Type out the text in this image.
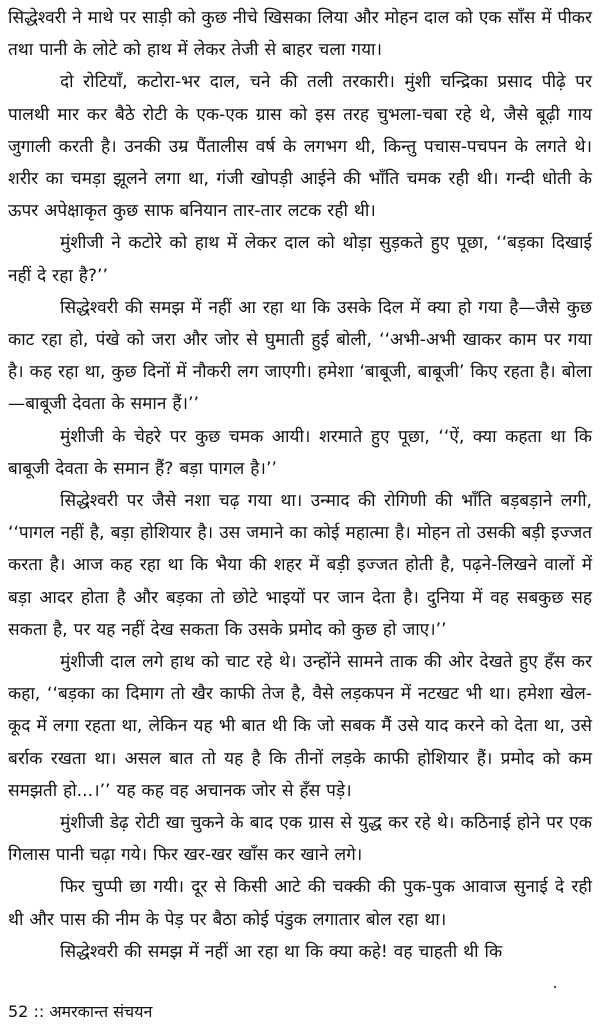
सिद्धेश्वरी ने माथे पर साड़ी को कुछ नीचे खिसका लिया और मोहन दाल को एक साँस में पीकर तथा पानी के लोटे को हाथ में लेकर तेजी से बाहर चला गया।

दो रोटियाँ, कटोरा-भर दाल, चने की तली तरकारी। मुंशी चन्द्रिका प्रसाद पीढ़े पर पालथी मार कर बैठे रोटी के एक-एक ग्रास को इस तरह चुभला-चबा रहे थे, जैसे बूढ़ी गाय जुगाली करती है। उनकी उम्र पैंतालीस वर्ष के लगभग थी, किन्तु पचास-पचपन के लगते थे। शरीर का चमड़ा झूलने लगा था, गंजी खोपड़ी आईने की भाँति चमक रही थी। गन्दी धोती के ऊपर अपेक्षाकृत कुछ साफ बनियान तार-तार लटक रही थी।

मुंशीजी ने कटोरे को हाथ में लेकर दाल को थोड़ा सुड़कते हुए पूछा, ‘‘बड़का दिखाई नहीं दे रहा है?’’

सिद्धेश्वरी की समझ में नहीं आ रहा था कि उसके दिल में क्या हो गया है—जैसे कुछ काट रहा हो, पंखे को जरा और जोर से घुमाती हुई बोली, ‘‘अभी-अभी खाकर काम पर गया है। कह रहा था, कुछ दिनों में नौकरी लग जाएगी। हमेशा ‘बाबूजी, बाबूजी’ किए रहता है। बोला—बाबूजी देवता के समान हैं।’’

मुंशीजी के चेहरे पर कुछ चमक आयी। शरमाते हुए पूछा, ‘‘ऐं, क्या कहता था कि बाबूजी देवता के समान हैं? बड़ा पागल है।’’

सिद्धेश्वरी पर जैसे नशा चढ़ गया था। उन्माद की रोगिणी की भाँति बड़बड़ाने लगी, ‘‘पागल नहीं है, बड़ा होशियार है। उस जमाने का कोई महात्मा है। मोहन तो उसकी बड़ी इज्जत करता है। आज कह रहा था कि भैया की शहर में बड़ी इज्जत होती है, पढ़ने-लिखने वालों में बड़ा आदर होता है और बड़का तो छोटे भाइयों पर जान देता है। दुनिया में वह सबकुछ सह सकता है, पर यह नहीं देख सकता कि उसके प्रमोद को कुछ हो जाए।’’

मुंशीजी दाल लगे हाथ को चाट रहे थे। उन्होंने सामने ताक की ओर देखते हुए हँस कर कहा, ‘‘बड़का का दिमाग तो खैर काफी तेज है, वैसे लड़कपन में नटखट भी था। हमेशा खेल-कूद में लगा रहता था, लेकिन यह भी बात थी कि जो सबक मैं उसे याद करने को देता था, उसे बर्राक रखता था। असल बात तो यह है कि तीनों लड़के काफी होशियार हैं। प्रमोद को कम समझती हो...।’’ यह कह वह अचानक जोर से हँस पड़े।

मुंशीजी डेढ़ रोटी खा चुकने के बाद एक ग्रास से युद्ध कर रहे थे। कठिनाई होने पर एक गिलास पानी चढ़ा गये। फिर खर-खर खाँस कर खाने लगे।

फिर चुप्पी छा गयी। दूर से किसी आटे की चक्की की पुक-पुक आवाज सुनाई दे रही थी और पास की नीम के पेड़ पर बैठा कोई पंडुक लगातार बोल रहा था।

सिद्धेश्वरी की समझ में नहीं आ रहा था कि क्या कहे! वह चाहती थी कि

52 :: अमरकान्त संचयन
